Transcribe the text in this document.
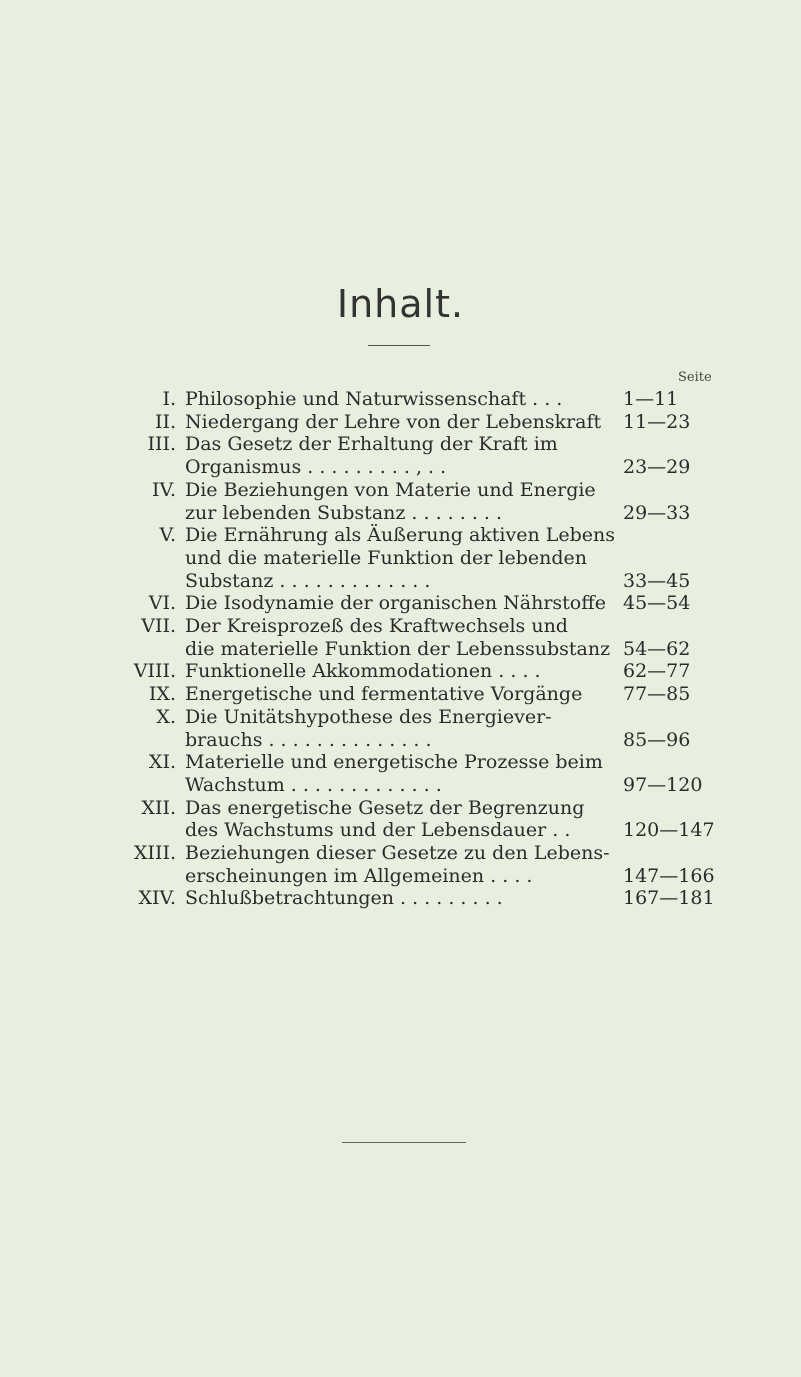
Inhalt.
Seite
I. Philosophie und Naturwissenschaft . . .	1—11
II. Niedergang der Lehre von der Lebenskraft	11—23
III. Das Gesetz der Erhaltung der Kraft im
Organismus . . . . . . . . . , . .	23—29
IV. Die Beziehungen von Materie und Energie
zur lebenden Substanz . . . . . . . .	29—33
V. Die Ernährung als Äußerung aktiven Lebens
und die materielle Funktion der lebenden
Substanz . . . . . . . . . . . . .	33—45
VI. Die Isodynamie der organischen Nährstoffe 45—54
VII. Der Kreisprozeß des Kraftwechsels und
die materielle Funktion der Lebenssubstanz 54—62
VIII. Funktionelle Akkommodationen . . . .	62—77
IX. Energetische und fermentative Vorgänge	77—85
X. Die Unitätshypothese des Energiever-
brauchs . . . . . . . . . . . . . .	85—96
XI. Materielle und energetische Prozesse beim
Wachstum . . . . . . . . . . . . .	97—120
XII. Das energetische Gesetz der Begrenzung
des Wachstums und der Lebensdauer . .	120—147
XIII. Beziehungen dieser Gesetze zu den Lebens-
erscheinungen im Allgemeinen . . . .	147—166
XIV. Schlußbetrachtungen . . . . . . . . .	167—181
